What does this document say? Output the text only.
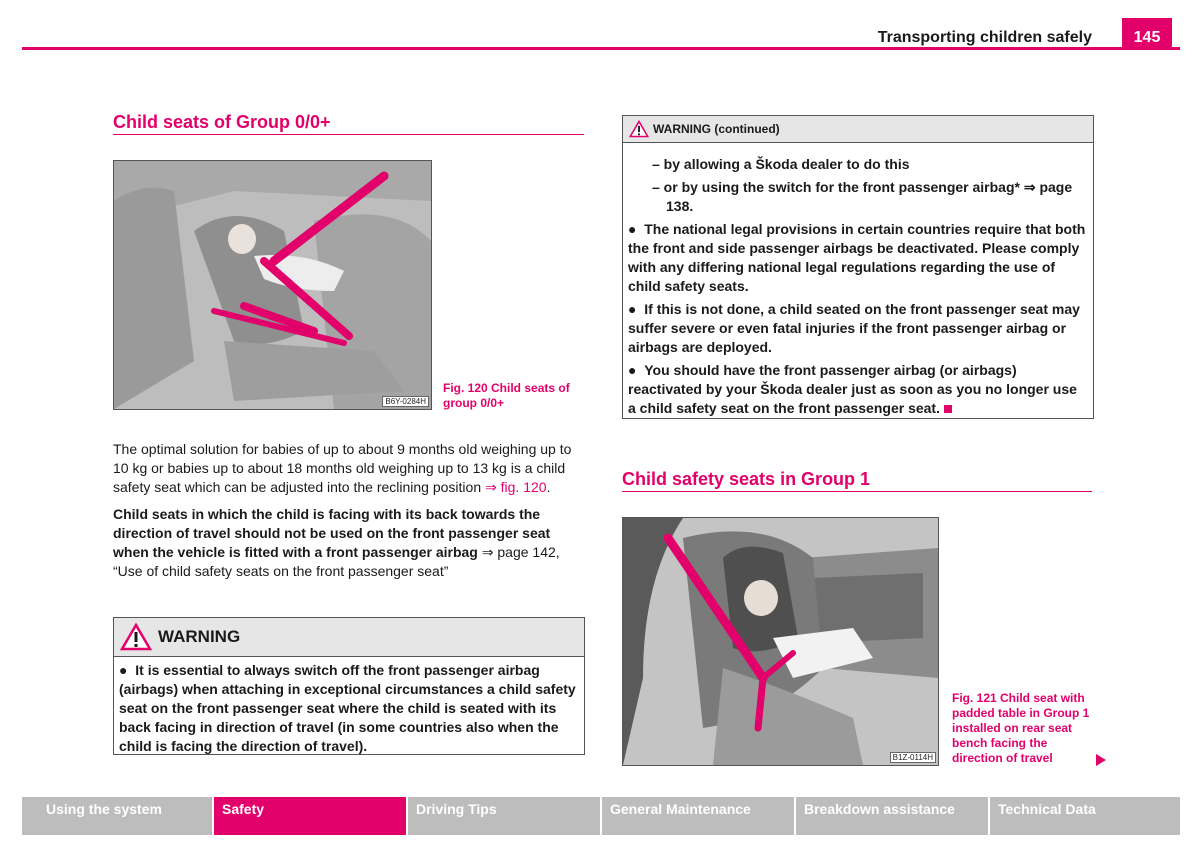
Transporting children safely	145
Child seats of Group 0/0+
B6Y-0284H
Fig. 120 Child seats of group 0/0+

The optimal solution for babies of up to about 9 months old weighing up to 10 kg or babies up to about 18 months old weighing up to 13 kg is a child safety seat which can be adjusted into the reclining position ⇒ fig. 120.

Child seats in which the child is facing with its back towards the direction of travel should not be used on the front passenger seat when the vehicle is fitted with a front passenger airbag ⇒ page 142, “Use of child safety seats on the front passenger seat”

WARNING

●  It is essential to always switch off the front passenger airbag (airbags) when attaching in exceptional circumstances a child safety seat on the front passenger seat where the child is seated with its back facing in direction of travel (in some countries also when the child is facing the direction of travel).

WARNING (continued)

– by allowing a Škoda dealer to do this

– or by using the switch for the front passenger airbag* ⇒ page 138.

●  The national legal provisions in certain countries require that both the front and side passenger airbags be deactivated. Please comply with any differing national legal regulations regarding the use of child safety seats.

●  If this is not done, a child seated on the front passenger seat may suffer severe or even fatal injuries if the front passenger airbag or airbags are deployed.

●  You should have the front passenger airbag (or airbags) reactivated by your Škoda dealer just as soon as you no longer use a child safety seat on the front passenger seat.

Child safety seats in Group 1
B1Z-0114H
Fig. 121 Child seat with padded table in Group 1 installed on rear seat bench facing the direction of travel
Using the system	Safety	Driving Tips	General Maintenance	Breakdown assistance	Technical Data
